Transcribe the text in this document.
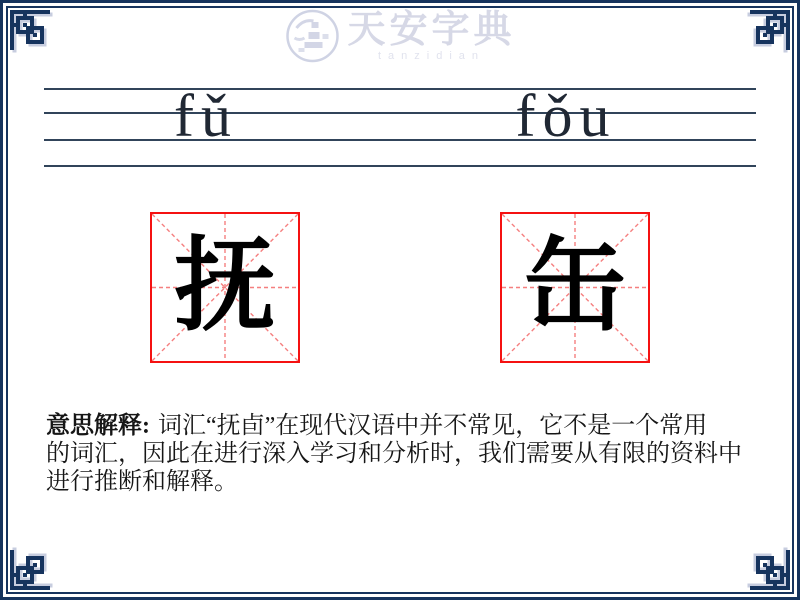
天安字典
tanzidian
fǔ	fǒu
抚 缶
意思解释: 词汇“抚卣”在现代汉语中并不常见，它不是一个常用
的词汇，因此在进行深入学习和分析时，我们需要从有限的资料中
进行推断和解释。
